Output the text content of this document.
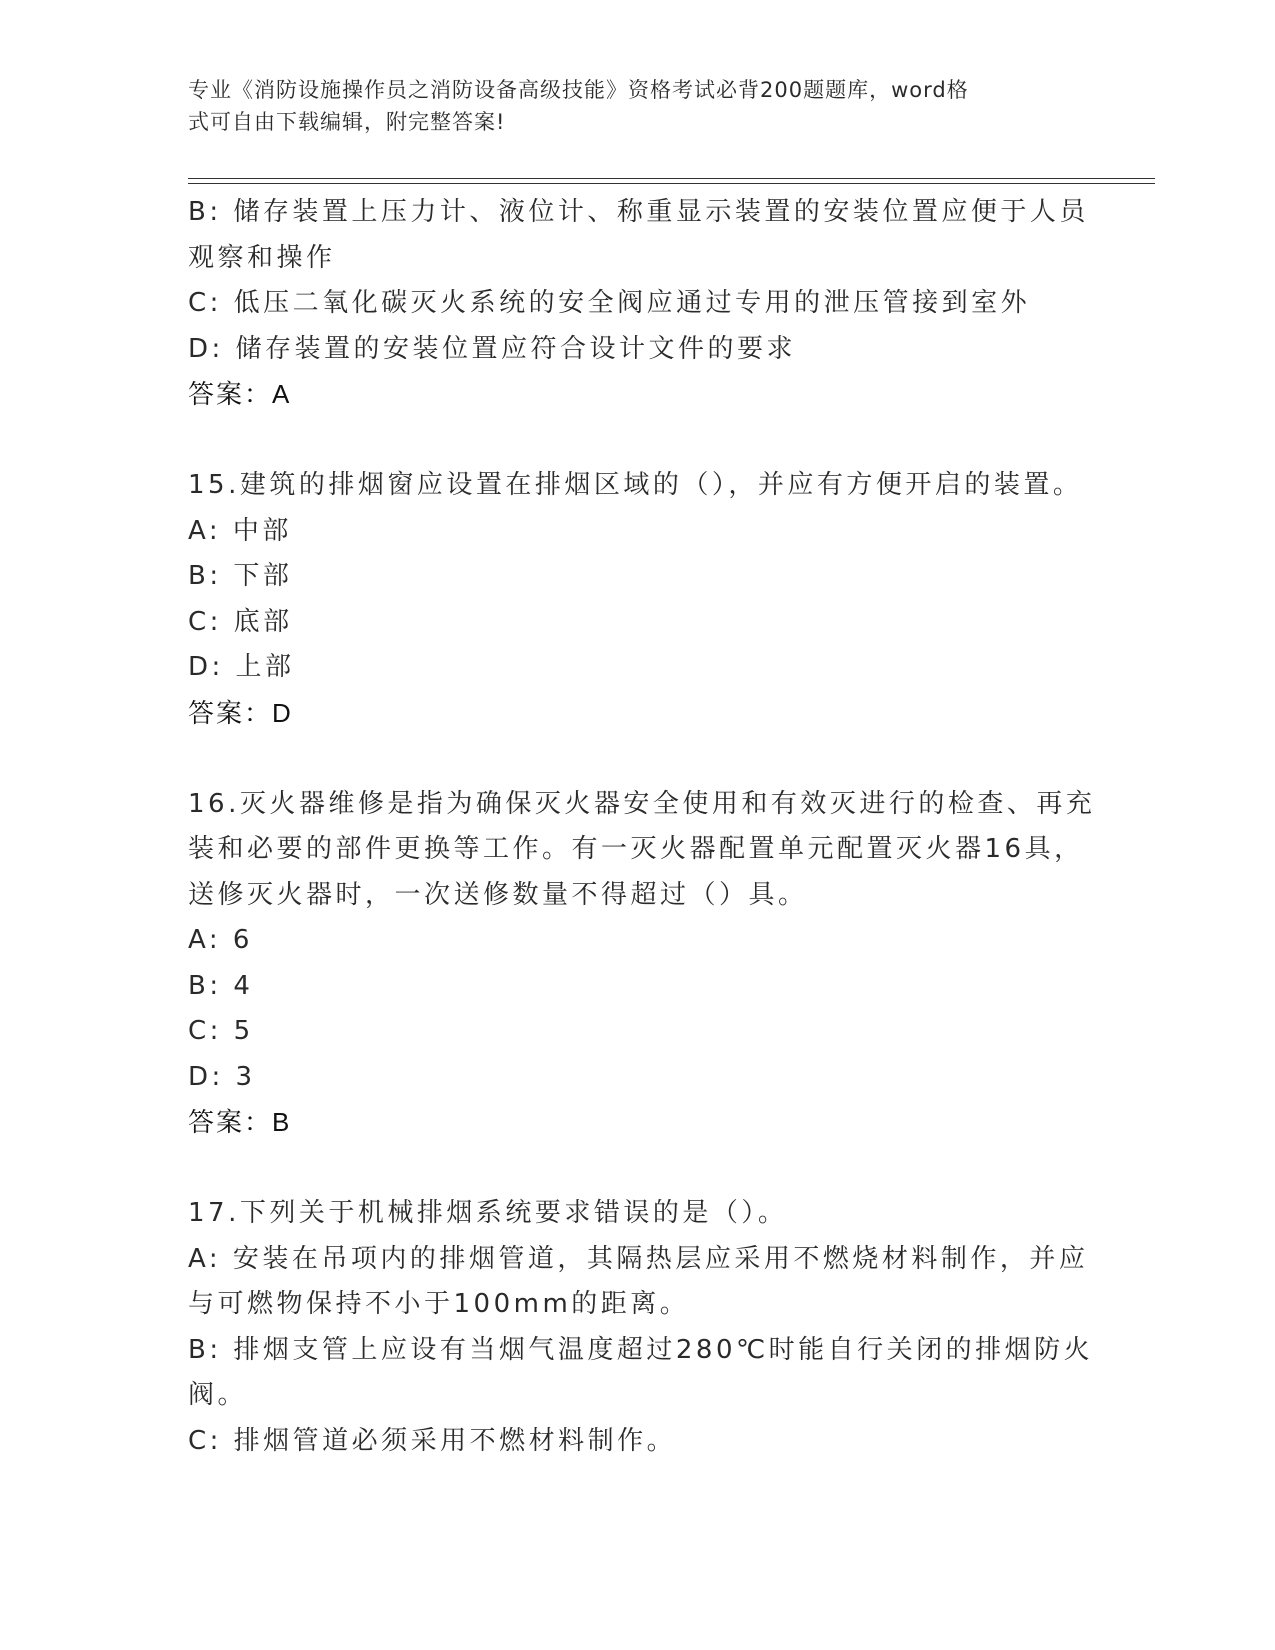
专业《消防设施操作员之消防设备高级技能》资格考试必背200题题库，word格
式可自由下载编辑，附完整答案!
B: 储存装置上压力计、液位计、称重显示装置的安装位置应便于人员
观察和操作
C: 低压二氧化碳灭火系统的安全阀应通过专用的泄压管接到室外
D: 储存装置的安装位置应符合设计文件的要求
答案：A
15.建筑的排烟窗应设置在排烟区域的（），并应有方便开启的装置。
A: 中部
B: 下部
C: 底部
D: 上部
答案：D
16.灭火器维修是指为确保灭火器安全使用和有效灭进行的检查、再充
装和必要的部件更换等工作。有一灭火器配置单元配置灭火器16具，
送修灭火器时，一次送修数量不得超过（）具。
A: 6
B: 4
C: 5
D: 3
答案：B
17.下列关于机械排烟系统要求错误的是（）。
A: 安装在吊项内的排烟管道，其隔热层应采用不燃烧材料制作，并应
与可燃物保持不小于100mm的距离。
B: 排烟支管上应设有当烟气温度超过280℃时能自行关闭的排烟防火
阀。
C: 排烟管道必须采用不燃材料制作。
